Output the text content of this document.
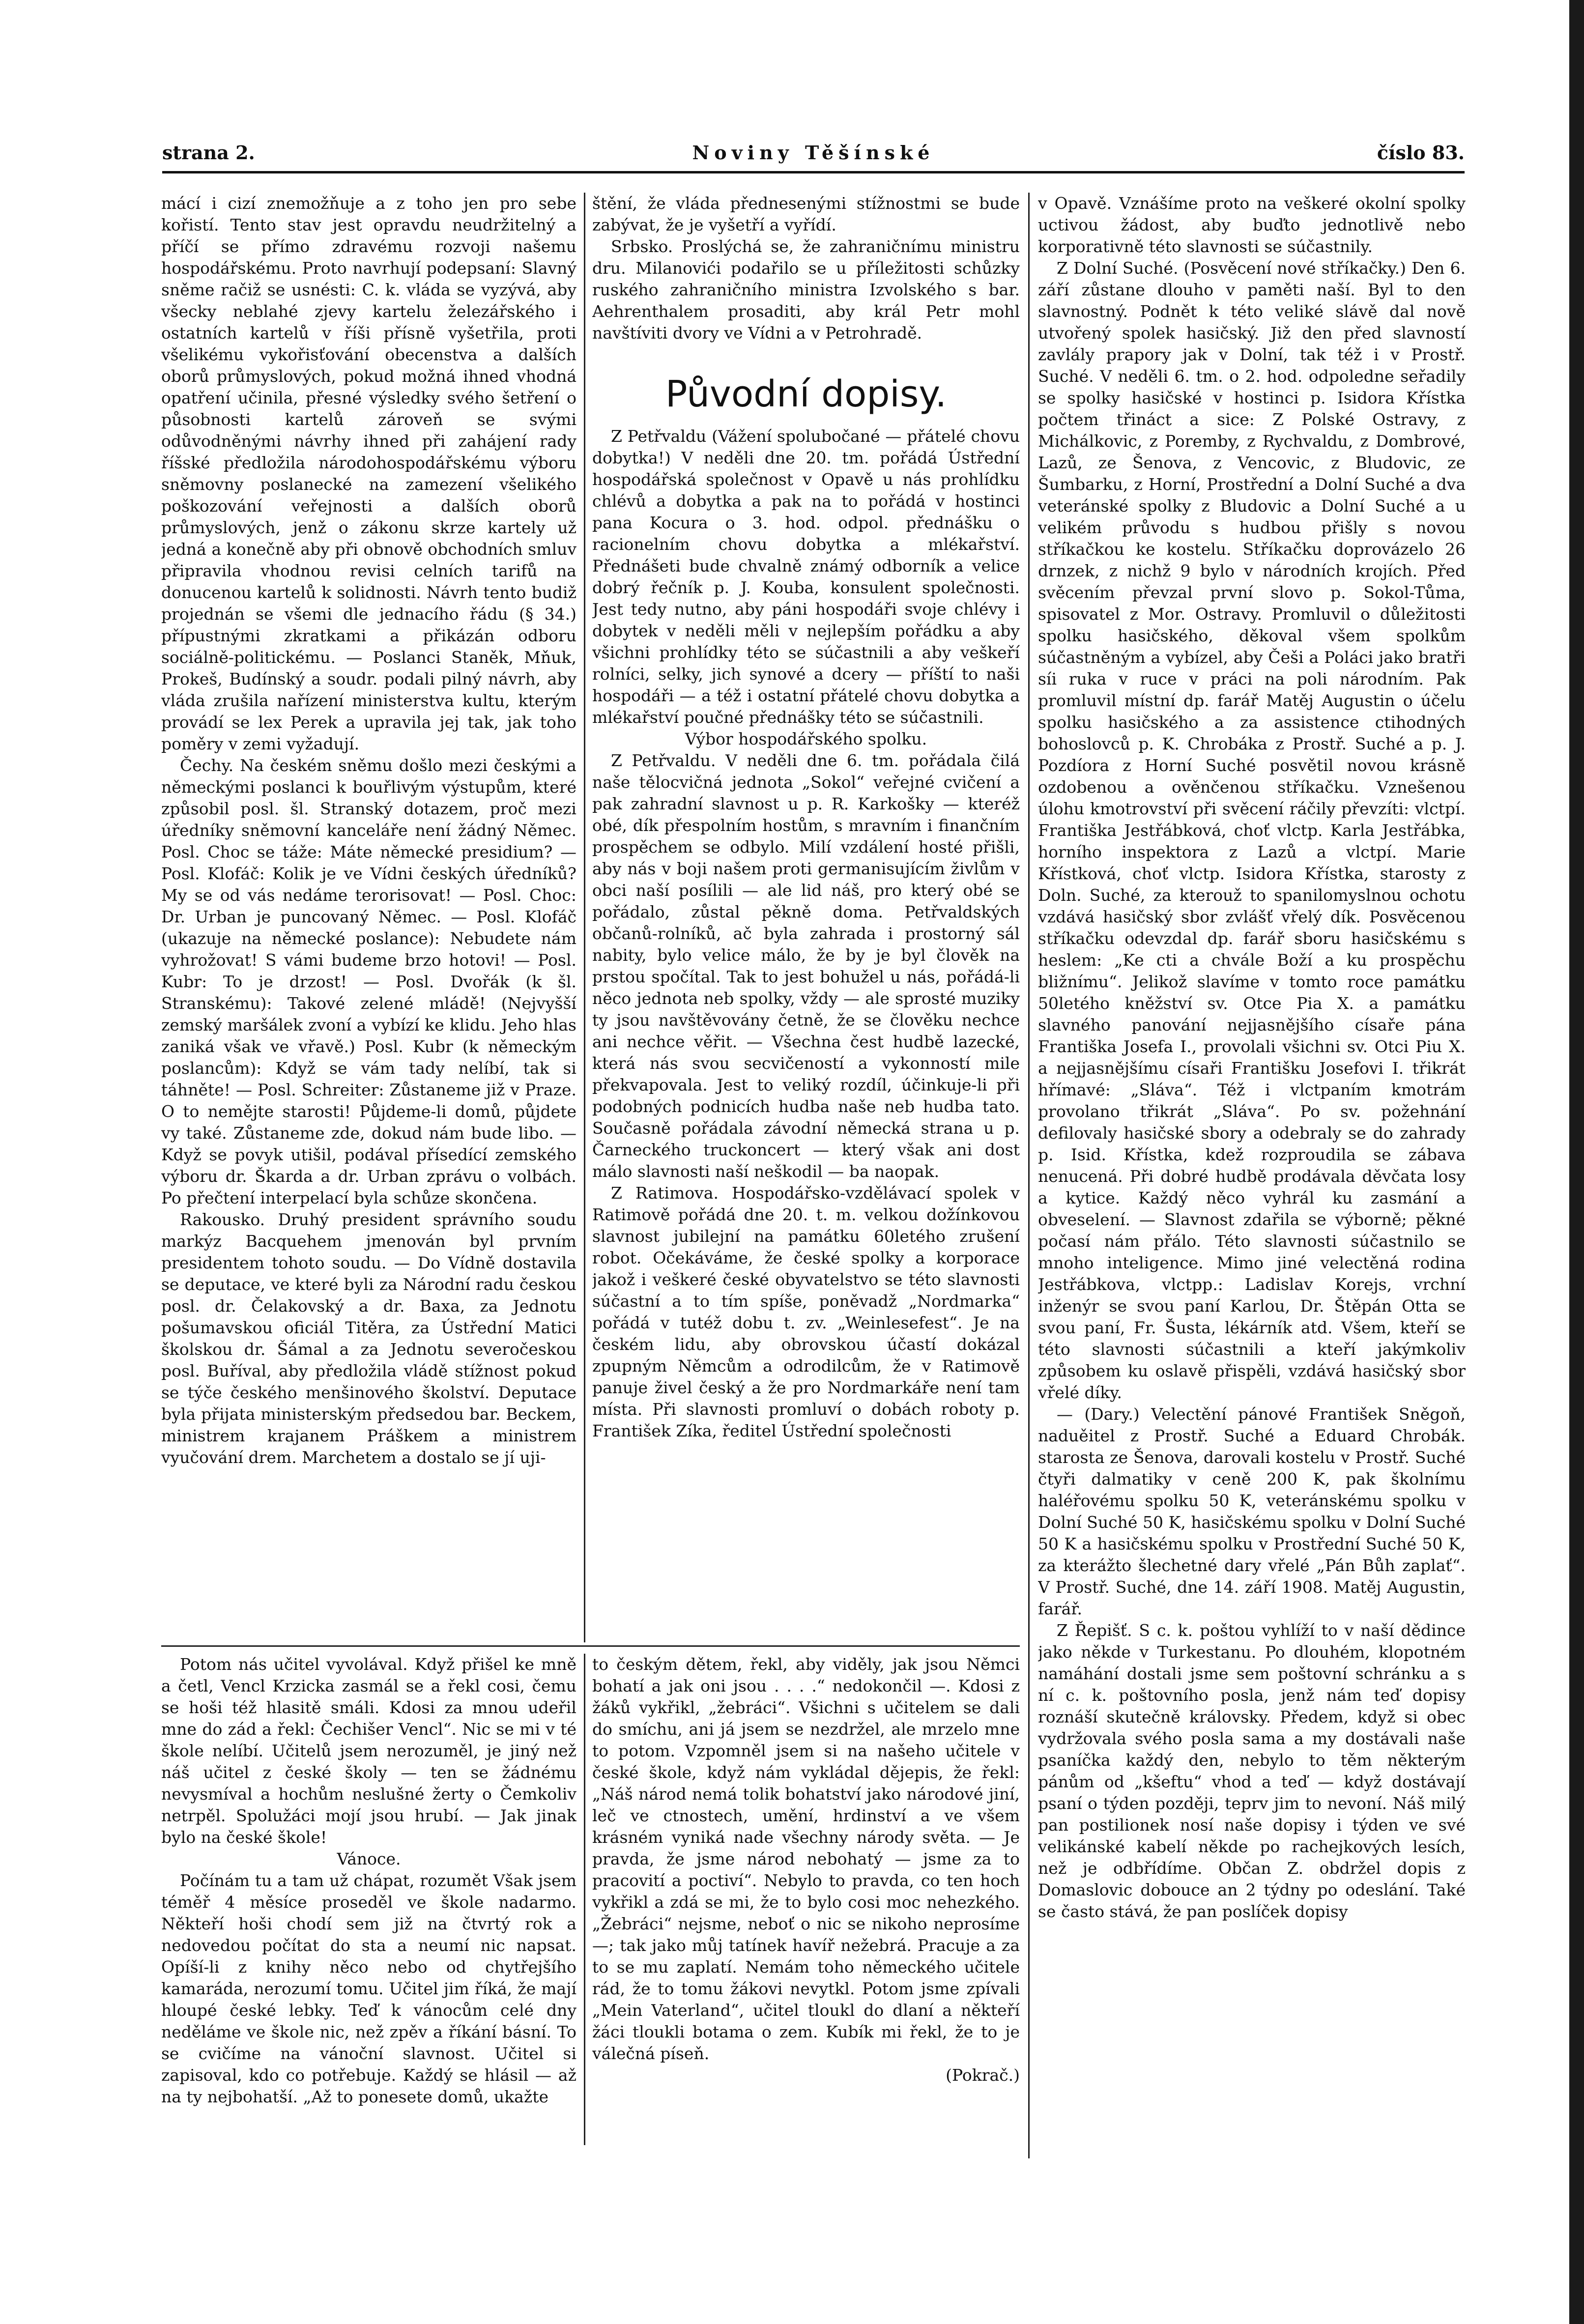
strana 2.	Noviny Těšínské	číslo 83.

mácí i cizí znemožňuje a z toho jen pro sebe kořistí. Tento stav jest opravdu neudržitelný a příčí se přímo zdravému rozvoji našemu hospodářskému. Proto navrhují podepsaní: Slavný sněme račiž se usnésti: C. k. vláda se vyzývá, aby všecky neblahé zjevy kartelu železářského i ostatních kartelů v říši přísně vyšetřila, proti všelikému vykořisťování obecenstva a dalších oborů průmyslových, pokud možná ihned vhodná opatření učinila, přesné výsledky svého šetření o působnosti kartelů zároveň se svými odůvodněnými návrhy ihned při zahájení rady říšské předložila národohospodářskému výboru sněmovny poslanecké na zamezení všelikého poškozování veřejnosti a dalších oborů průmyslových, jenž o zákonu skrze kartely už jedná a konečně aby při obnově obchodních smluv připravila vhodnou revisi celních tarifů na donucenou kartelů k solidnosti. Návrh tento budiž projednán se všemi dle jednacího řádu (§ 34.) přípustnými zkratkami a přikázán odboru sociálně-politickému. — Poslanci Staněk, Mňuk, Prokeš, Budínský a soudr. podali pilný návrh, aby vláda zrušila nařízení ministerstva kultu, kterým provádí se lex Perek a upravila jej tak, jak toho poměry v zemi vyžadují.

Čechy. Na českém sněmu došlo mezi českými a německými poslanci k bouřlivým výstupům, které způsobil posl. šl. Stranský dotazem, proč mezi úředníky sněmovní kanceláře není žádný Němec. Posl. Choc se táže: Máte německé presidium? — Posl. Klofáč: Kolik je ve Vídni českých úředníků? My se od vás nedáme terorisovat! — Posl. Choc: Dr. Urban je puncovaný Němec. — Posl. Klofáč (ukazuje na německé poslance): Nebudete nám vyhrožovat! S vámi budeme brzo hotovi! — Posl. Kubr: To je drzost! — Posl. Dvořák (k šl. Stranskému): Takové zelené mládě! (Nejvyšší zemský maršálek zvoní a vybízí ke klidu. Jeho hlas zaniká však ve vřavě.) Posl. Kubr (k německým poslancům): Když se vám tady nelíbí, tak si táhněte! — Posl. Schreiter: Zůstaneme již v Praze. O to nemějte starosti! Půjdeme-li domů, půjdete vy také. Zůstaneme zde, dokud nám bude libo. — Když se povyk utišil, podával přísedící zemského výboru dr. Škarda a dr. Urban zprávu o volbách. Po přečtení interpelací byla schůze skončena.

Rakousko. Druhý president správního soudu markýz Bacquehem jmenován byl prvním presidentem tohoto soudu. — Do Vídně dostavila se deputace, ve které byli za Národní radu českou posl. dr. Čelakovský a dr. Baxa, za Jednotu pošumavskou oficiál Titěra, za Ústřední Matici školskou dr. Šámal a za Jednotu severočeskou posl. Buříval, aby předložila vládě stížnost pokud se týče českého menšinového školství. Deputace byla přijata ministerským předsedou bar. Beckem, ministrem krajanem Práškem a ministrem vyučování drem. Marchetem a dostalo se jí uji-

štění, že vláda přednesenými stížnostmi se bude zabývat, že je vyšetří a vyřídí.

Srbsko. Proslýchá se, že zahraničnímu ministru dru. Milanovići podařilo se u příležitosti schůzky ruského zahraničního ministra Izvolského s bar. Aehrenthalem prosaditi, aby král Petr mohl navštíviti dvory ve Vídni a v Petrohradě.

Původní dopisy.

Z Petřvaldu (Vážení spolubočané — přátelé chovu dobytka!) V neděli dne 20. tm. pořádá Ústřední hospodářská společnost v Opavě u nás prohlídku chlévů a dobytka a pak na to pořádá v hostinci pana Kocura o 3. hod. odpol. přednášku o racionelním chovu dobytka a mlékařství. Přednášeti bude chvalně známý odborník a velice dobrý řečník p. J. Kouba, konsulent společnosti. Jest tedy nutno, aby páni hospodáři svoje chlévy i dobytek v neděli měli v nejlepším pořádku a aby všichni prohlídky této se súčastnili a aby veškeří rolníci, selky, jich synové a dcery — příští to naši hospodáři — a též i ostatní přátelé chovu dobytka a mlékařství poučné přednášky této se súčastnili.

Výbor hospodářského spolku.

Z Petřvaldu. V neděli dne 6. tm. pořádala čilá naše tělocvičná jednota „Sokol“ veřejné cvičení a pak zahradní slavnost u p. R. Karkošky — kteréž obé, dík přespolním hostům, s mravním i finančním prospěchem se odbylo. Milí vzdálení hosté přišli, aby nás v boji našem proti germanisujícím živlům v obci naší posílili — ale lid náš, pro který obé se pořádalo, zůstal pěkně doma. Petřvaldských občanů-rolníků, ač byla zahrada i prostorný sál nabity, bylo velice málo, že by je byl člověk na prstou spočítal. Tak to jest bohužel u nás, pořádá-li něco jednota neb spolky, vždy — ale sprosté muziky ty jsou navštěvovány četně, že se člověku nechce ani nechce věřit. — Všechna čest hudbě lazecké, která nás svou secvičeností a vykonností mile překvapovala. Jest to veliký rozdíl, účinkuje-li při podobných podnicích hudba naše neb hudba tato. Současně pořádala závodní německá strana u p. Čarneckého truckoncert — který však ani dost málo slavnosti naší neškodil — ba naopak.

Z Ratimova. Hospodářsko-vzdělávací spolek v Ratimově pořádá dne 20. t. m. velkou dožínkovou slavnost jubilejní na památku 60letého zrušení robot. Očekáváme, že české spolky a korporace jakož i veškeré české obyvatelstvo se této slavnosti súčastní a to tím spíše, poněvadž „Nordmarka“ pořádá v tutéž dobu t. zv. „Weinlesefest“. Je na českém lidu, aby obrovskou účastí dokázal zpupným Němcům a odrodilcům, že v Ratimově panuje živel český a že pro Nordmarkáře není tam místa. Při slavnosti promluví o dobách roboty p. František Zíka, ředitel Ústřední společnosti

v Opavě. Vznášíme proto na veškeré okolní spolky uctivou žádost, aby buďto jednotlivě nebo korporativně této slavnosti se súčastnily.

Z Dolní Suché. (Posvěcení nové stříkačky.) Den 6. září zůstane dlouho v paměti naší. Byl to den slavnostný. Podnět k této veliké slávě dal nově utvořený spolek hasičský. Již den před slavností zavlály prapory jak v Dolní, tak též i v Prostř. Suché. V neděli 6. tm. o 2. hod. odpoledne seřadily se spolky hasičské v hostinci p. Isidora Křístka počtem třináct a sice: Z Polské Ostravy, z Michálkovic, z Poremby, z Rychvaldu, z Dombrové, Lazů, ze Šenova, z Vencovic, z Bludovic, ze Šumbarku, z Horní, Prostřední a Dolní Suché a dva veteránské spolky z Bludovic a Dolní Suché a u velikém průvodu s hudbou přišly s novou stříkačkou ke kostelu. Stříkačku doprovázelo 26 drnzek, z nichž 9 bylo v národních krojích. Před svěcením převzal první slovo p. Sokol-Tůma, spisovatel z Mor. Ostravy. Promluvil o důležitosti spolku hasičského, děkoval všem spolkům súčastněným a vybízel, aby Češi a Poláci jako bratři síi ruka v ruce v práci na poli národním. Pak promluvil místní dp. farář Matěj Augustin o účelu spolku hasičského a za assistence ctihodných bohoslovců p. K. Chrobáka z Prostř. Suché a p. J. Pozdíora z Horní Suché posvětil novou krásně ozdobenou a ověnčenou stříkačku. Vznešenou úlohu kmotrovství při svěcení ráčily převzíti: vlctpí. Františka Jestřábková, choť vlctp. Karla Jestřábka, horního inspektora z Lazů a vlctpí. Marie Křístková, choť vlctp. Isidora Křístka, starosty z Doln. Suché, za kterouž to spanilomyslnou ochotu vzdává hasičský sbor zvlášť vřelý dík. Posvěcenou stříkačku odevzdal dp. farář sboru hasičskému s heslem: „Ke cti a chvále Boží a ku prospěchu bližnímu“. Jelikož slavíme v tomto roce památku 50letého kněžství sv. Otce Pia X. a památku slavného panování nejjasnějšího císaře pána Františka Josefa I., provolali všichni sv. Otci Piu X. a nejjasnějšímu císaři Františku Josefovi I. třikrát hřímavé: „Sláva“. Též i vlctpaním kmotrám provolano třikrát „Sláva“. Po sv. požehnání defilovaly hasičské sbory a odebraly se do zahrady p. Isid. Křístka, kdež rozproudila se zábava nenucená. Při dobré hudbě prodávala děvčata losy a kytice. Každý něco vyhrál ku zasmání a obveselení. — Slavnost zdařila se výborně; pěkné počasí nám přálo. Této slavnosti súčastnilo se mnoho inteligence. Mimo jiné velectěná rodina Jestřábkova, vlctpp.: Ladislav Korejs, vrchní inženýr se svou paní Karlou, Dr. Štěpán Otta se svou paní, Fr. Šusta, lékárník atd. Všem, kteří se této slavnosti súčastnili a kteří jakýmkoliv způsobem ku oslavě přispěli, vzdává hasičský sbor vřelé díky.

— (Dary.) Velectění pánové František Sněgoň, naduěitel z Prostř. Suché a Eduard Chrobák. starosta ze Šenova, darovali kostelu v Prostř. Suché čtyři dalmatiky v ceně 200 K, pak školnímu haléřovému spolku 50 K, veteránskému spolku v Dolní Suché 50 K, hasičskému spolku v Dolní Suché 50 K a hasičskému spolku v Prostřední Suché 50 K, za kterážto šlechetné dary vřelé „Pán Bůh zaplať“. V Prostř. Suché, dne 14. září 1908. Matěj Augustin, farář.

Z Řepišť. S c. k. poštou vyhlíží to v naší dědince jako někde v Turkestanu. Po dlouhém, klopotném namáhání dostali jsme sem poštovní schránku a s ní c. k. poštovního posla, jenž nám teď dopisy roznáší skutečně královsky. Předem, když si obec vydržovala svého posla sama a my dostávali naše psaníčka každý den, nebylo to těm některým pánům od „kšeftu“ vhod a teď — když dostávají psaní o týden později, teprv jim to nevoní. Náš milý pan postilionek nosí naše dopisy i týden ve své velikánské kabelí někde po rachejkových lesích, než je odbřídíme. Občan Z. obdržel dopis z Domaslovic dobouce an 2 týdny po odeslání. Také se často stává, že pan poslíček dopisy

Potom nás učitel vyvolával. Když přišel ke mně a četl, Vencl Krzicka zasmál se a řekl cosi, čemu se hoši též hlasitě smáli. Kdosi za mnou udeřil mne do zád a řekl: Čechišer Vencl“. Nic se mi v té škole nelíbí. Učitelů jsem nerozuměl, je jiný než náš učitel z české školy — ten se žádnému nevysmíval a hochům neslušné žerty o Čemkoliv netrpěl. Spolužáci mojí jsou hrubí. — Jak jinak bylo na české škole!

Vánoce.

Počínám tu a tam už chápat, rozumět Však jsem téměř 4 měsíce proseděl ve škole nadarmo. Někteří hoši chodí sem již na čtvrtý rok a nedovedou počítat do sta a neumí nic napsat. Opíší-li z knihy něco nebo od chytřejšího kamaráda, nerozumí tomu. Učitel jim říká, že mají hloupé české lebky. Teď k vánocům celé dny neděláme ve škole nic, než zpěv a říkání básní. To se cvičíme na vánoční slavnost. Učitel si zapisoval, kdo co potřebuje. Každý se hlásil — až na ty nejbohatší. „Až to ponesete domů, ukažte

to českým dětem, řekl, aby viděly, jak jsou Němci bohatí a jak oni jsou . . . .“ nedokončil —. Kdosi z žáků vykřikl, „žebráci“. Všichni s učitelem se dali do smíchu, ani já jsem se nezdržel, ale mrzelo mne to potom. Vzpomněl jsem si na našeho učitele v české škole, když nám vykládal dějepis, že řekl: „Náš národ nemá tolik bohatství jako národové jiní, leč ve ctnostech, umění, hrdinství a ve všem krásném vyniká nade všechny národy světa. — Je pravda, že jsme národ nebohatý — jsme za to pracovití a poctiví“. Nebylo to pravda, co ten hoch vykřikl a zdá se mi, že to bylo cosi moc nehezkého. „Žebráci“ nejsme, neboť o nic se nikoho neprosíme —; tak jako můj tatínek havíř nežebrá. Pracuje a za to se mu zaplatí. Nemám toho německého učitele rád, že to tomu žákovi nevytkl. Potom jsme zpívali „Mein Vaterland“, učitel tloukl do dlaní a někteří žáci tloukli botama o zem. Kubík mi řekl, že to je válečná píseň.

(Pokrač.)
